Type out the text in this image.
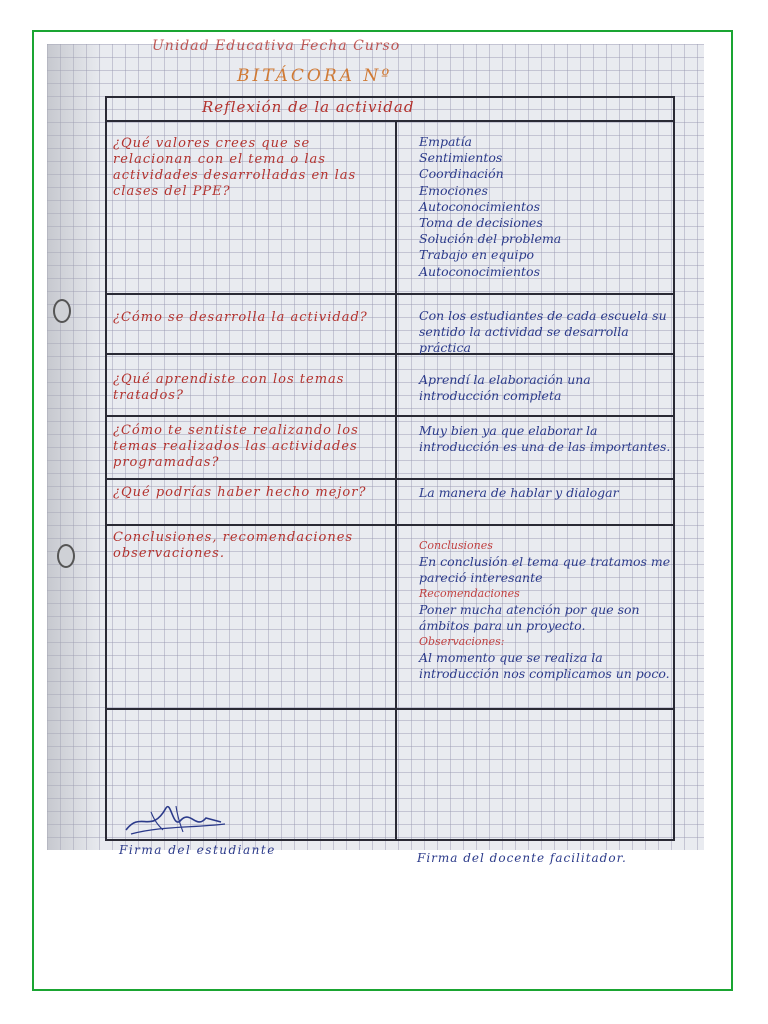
Unidad Educativa Fecha Curso
BITÁCORA Nº
Reflexión de la actividad
¿Qué valores crees que se relacionan con el tema o las actividades desarrolladas en las clases del PPE?
Empatía
Sentimientos
Coordinación
Emociones
Autoconocimientos
Toma de decisiones
Solución del problema
Trabajo en equipo
Autoconocimientos
¿Cómo se desarrolla la actividad?	Con los estudiantes de cada escuela su sentido la actividad se desarrolla práctica
¿Qué aprendiste con los temas tratados?
Aprendí la elaboración una introducción completa
¿Cómo te sentiste realizando los temas realizados las actividades programadas?
Muy bien ya que elaborar la introducción es una de las importantes.
¿Qué podrías haber hecho mejor?	La manera de hablar y dialogar
Conclusiones, recomendaciones observaciones.
Conclusiones
En conclusión el tema que tratamos me pareció interesante
Recomendaciones
Poner mucha atención por que son ámbitos para un proyecto.
Observaciones:
Al momento que se realiza la introducción nos complicamos un poco.
Firma del estudiante
Firma del docente facilitador.
